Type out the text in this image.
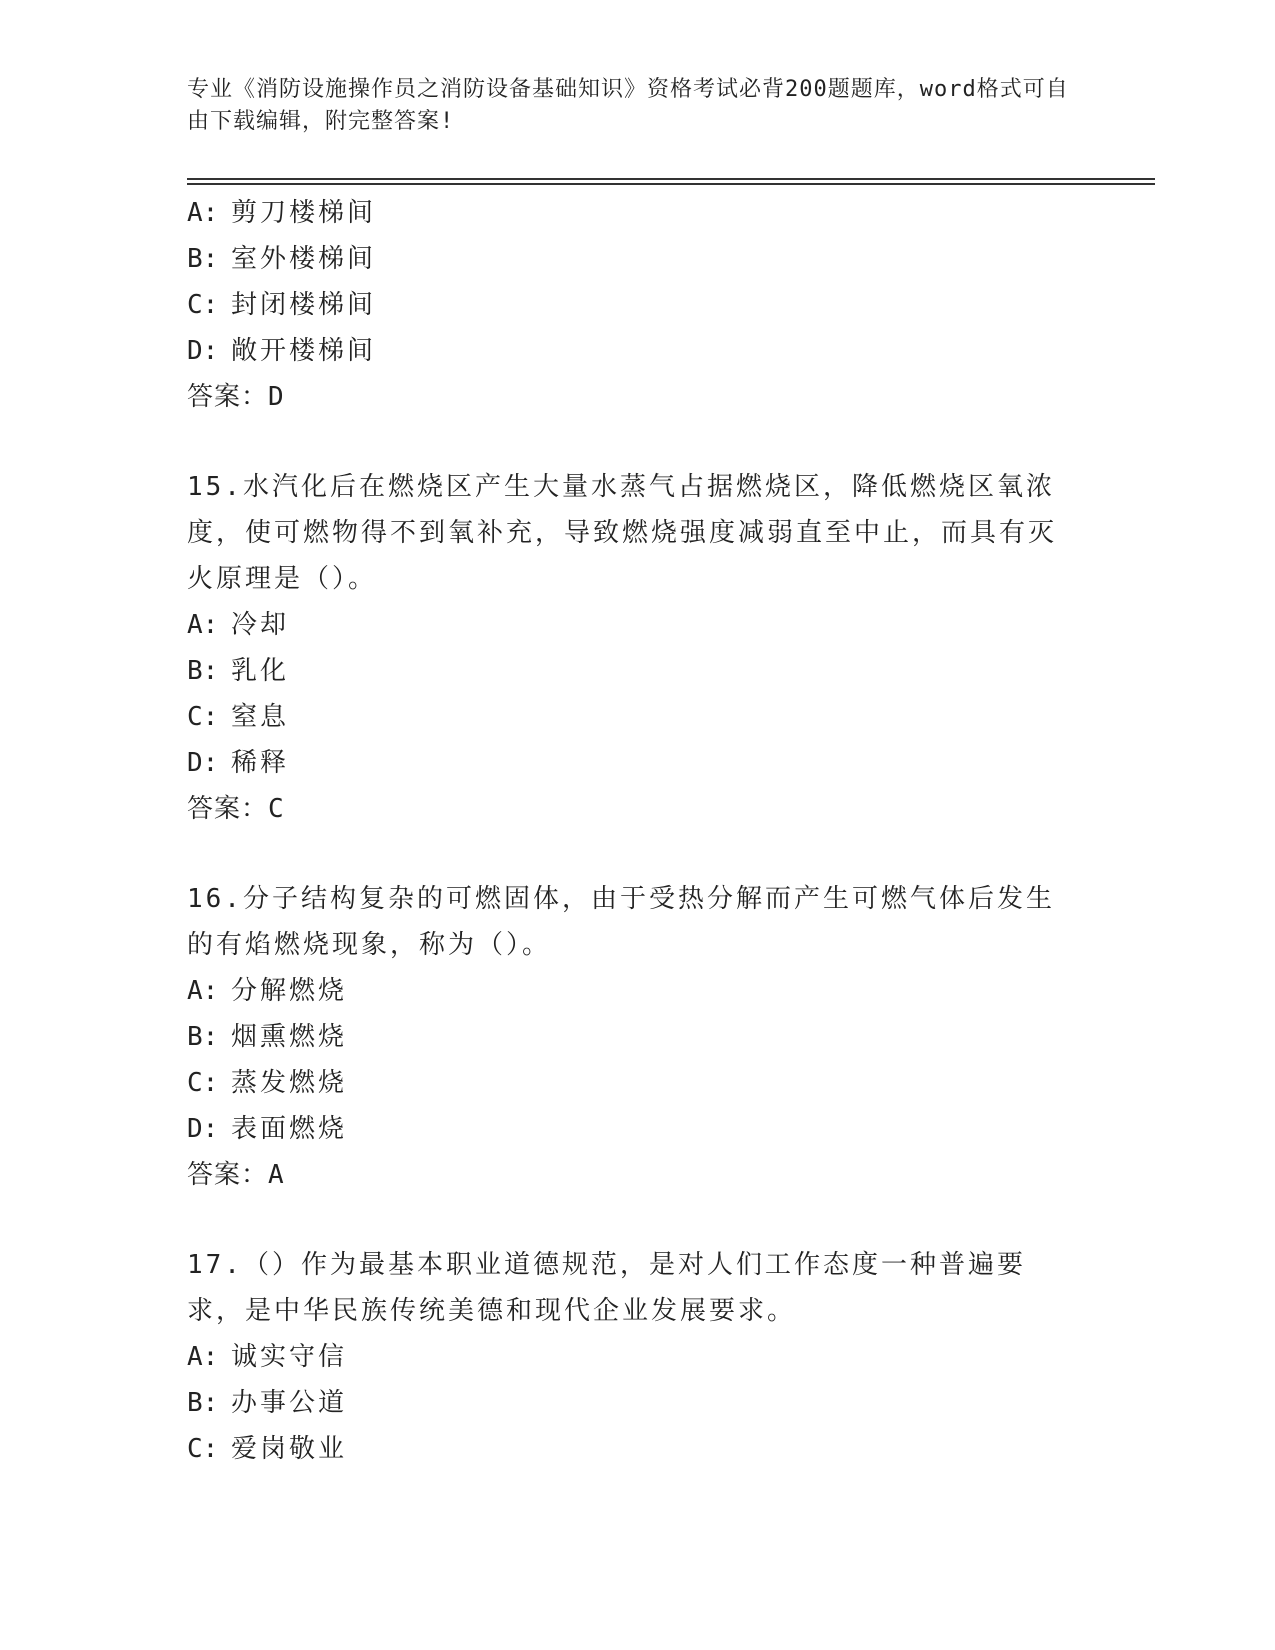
专业《消防设施操作员之消防设备基础知识》资格考试必背200题题库，word格式可自由下载编辑，附完整答案!
A: 剪刀楼梯间
B: 室外楼梯间
C: 封闭楼梯间
D: 敞开楼梯间
答案：D
15.水汽化后在燃烧区产生大量水蒸气占据燃烧区，降低燃烧区氧浓度，使可燃物得不到氧补充，导致燃烧强度减弱直至中止，而具有灭火原理是（）。
A: 冷却
B: 乳化
C: 窒息
D: 稀释
答案：C
16.分子结构复杂的可燃固体，由于受热分解而产生可燃气体后发生的有焰燃烧现象，称为（）。
A: 分解燃烧
B: 烟熏燃烧
C: 蒸发燃烧
D: 表面燃烧
答案：A
17.（）作为最基本职业道德规范，是对人们工作态度一种普遍要求，是中华民族传统美德和现代企业发展要求。
A: 诚实守信
B: 办事公道
C: 爱岗敬业
